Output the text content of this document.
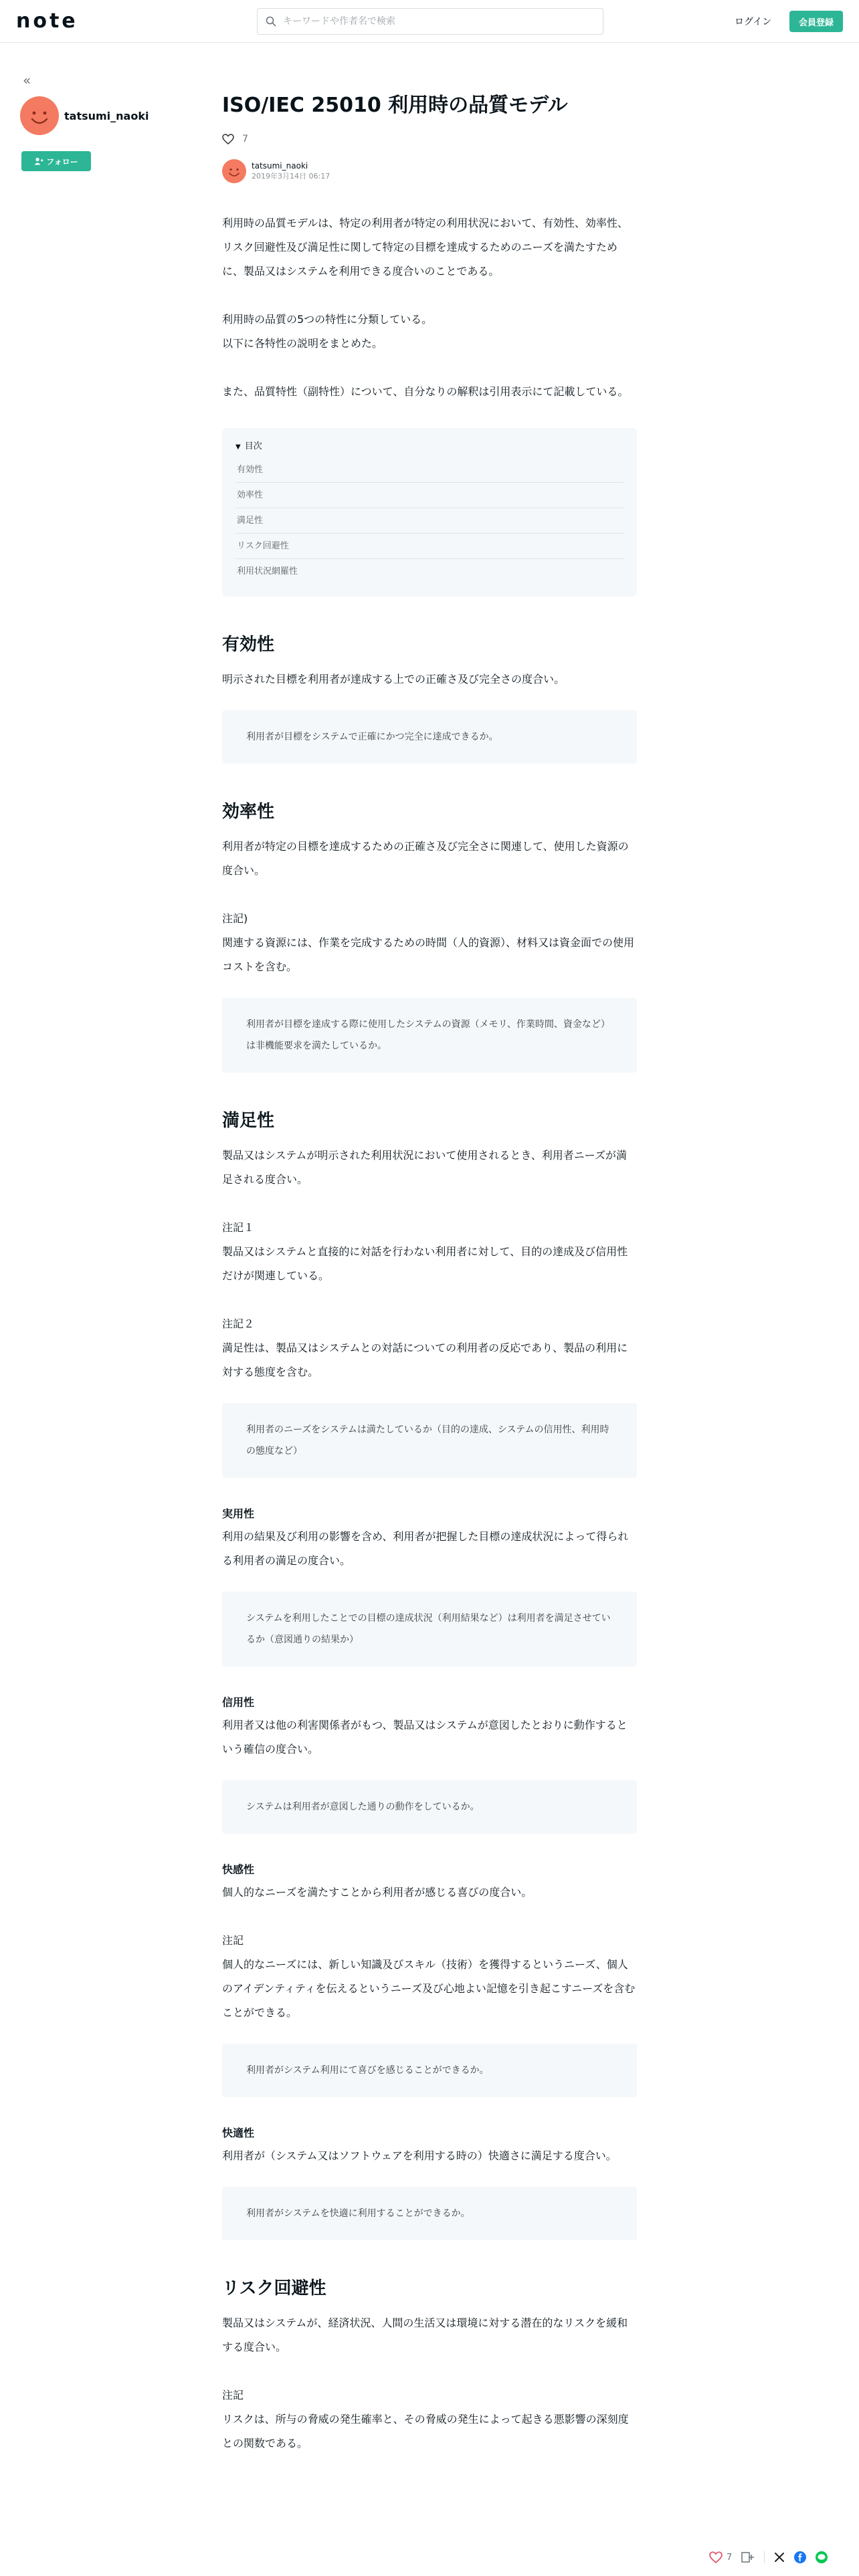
note
キーワードや作者名で検索	ログイン	会員登録
«
tatsumi_naoki
フォロー
ISO/IEC 25010 利用時の品質モデル
7
tatsumi_naoki
2019年3月14日 06:17

利用時の品質モデルは、特定の利用者が特定の利用状況において、有効性、効率性、リスク回避性及び満足性に関して特定の目標を達成するためのニーズを満たすために、製品又はシステムを利用できる度合いのことである。

利用時の品質の5つの特性に分類している。

以下に各特性の説明をまとめた。

また、品質特性（副特性）について、自分なりの解釈は引用表示にて記載している。

▼ 目次
有効性
効率性
満足性
リスク回避性
利用状況網羅性
有効性

明示された目標を利用者が達成する上での正確さ及び完全さの度合い。

利用者が目標をシステムで正確にかつ完全に達成できるか。

効率性

利用者が特定の目標を達成するための正確さ及び完全さに関連して、使用した資源の度合い。

注記)

関連する資源には、作業を完成するための時間（人的資源）、材料又は資金面での使用コストを含む。

利用者が目標を達成する際に使用したシステムの資源（メモリ、作業時間、資金など）は非機能要求を満たしているか。

満足性

製品又はシステムが明示された利用状況において使用されるとき、利用者ニーズが満足される度合い。

注記１

製品又はシステムと直接的に対話を行わない利用者に対して、目的の達成及び信用性だけが関連している。

注記２

満足性は、製品又はシステムとの対話についての利用者の反応であり、製品の利用に対する態度を含む。

利用者のニーズをシステムは満たしているか（目的の達成、システムの信用性、利用時の態度など）

実用性

利用の結果及び利用の影響を含め、利用者が把握した目標の達成状況によって得られる利用者の満足の度合い。

システムを利用したことでの目標の達成状況（利用結果など）は利用者を満足させているか（意図通りの結果か）

信用性

利用者又は他の利害関係者がもつ、製品又はシステムが意図したとおりに動作するという確信の度合い。

システムは利用者が意図した通りの動作をしているか。

快感性

個人的なニーズを満たすことから利用者が感じる喜びの度合い。

注記

個人的なニーズには、新しい知識及びスキル（技術）を獲得するというニーズ、個人のアイデンティティを伝えるというニーズ及び心地よい記憶を引き起こすニーズを含むことができる。

利用者がシステム利用にて喜びを感じることができるか。

快適性

利用者が（システム又はソフトウェアを利用する時の）快適さに満足する度合い。

利用者がシステムを快適に利用することができるか。

リスク回避性

製品又はシステムが、経済状況、人間の生活又は環境に対する潜在的なリスクを緩和する度合い。

注記

リスクは、所与の脅威の発生確率と、その脅威の発生によって起きる悪影響の深刻度との関数である。

7
